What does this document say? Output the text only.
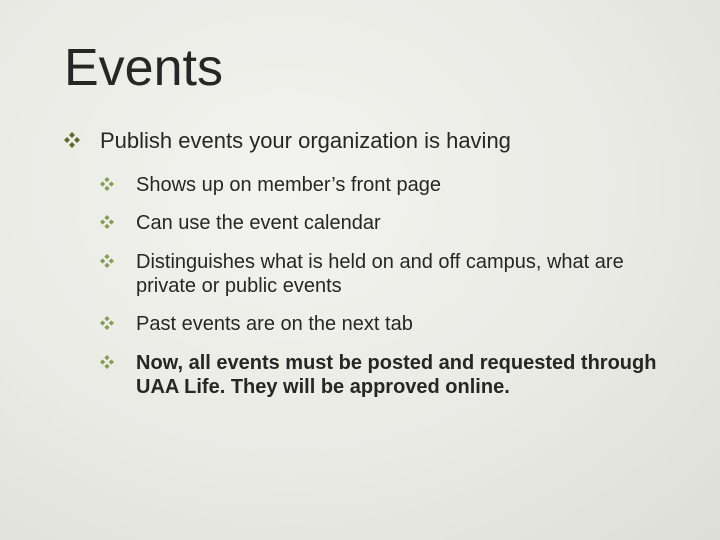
Events
Publish events your organization is having
Shows up on member’s front page
Can use the event calendar
Distinguishes what is held on and off campus, what are private or public events
Past events are on the next tab
Now, all events must be posted and requested through UAA Life. They will be approved online.
